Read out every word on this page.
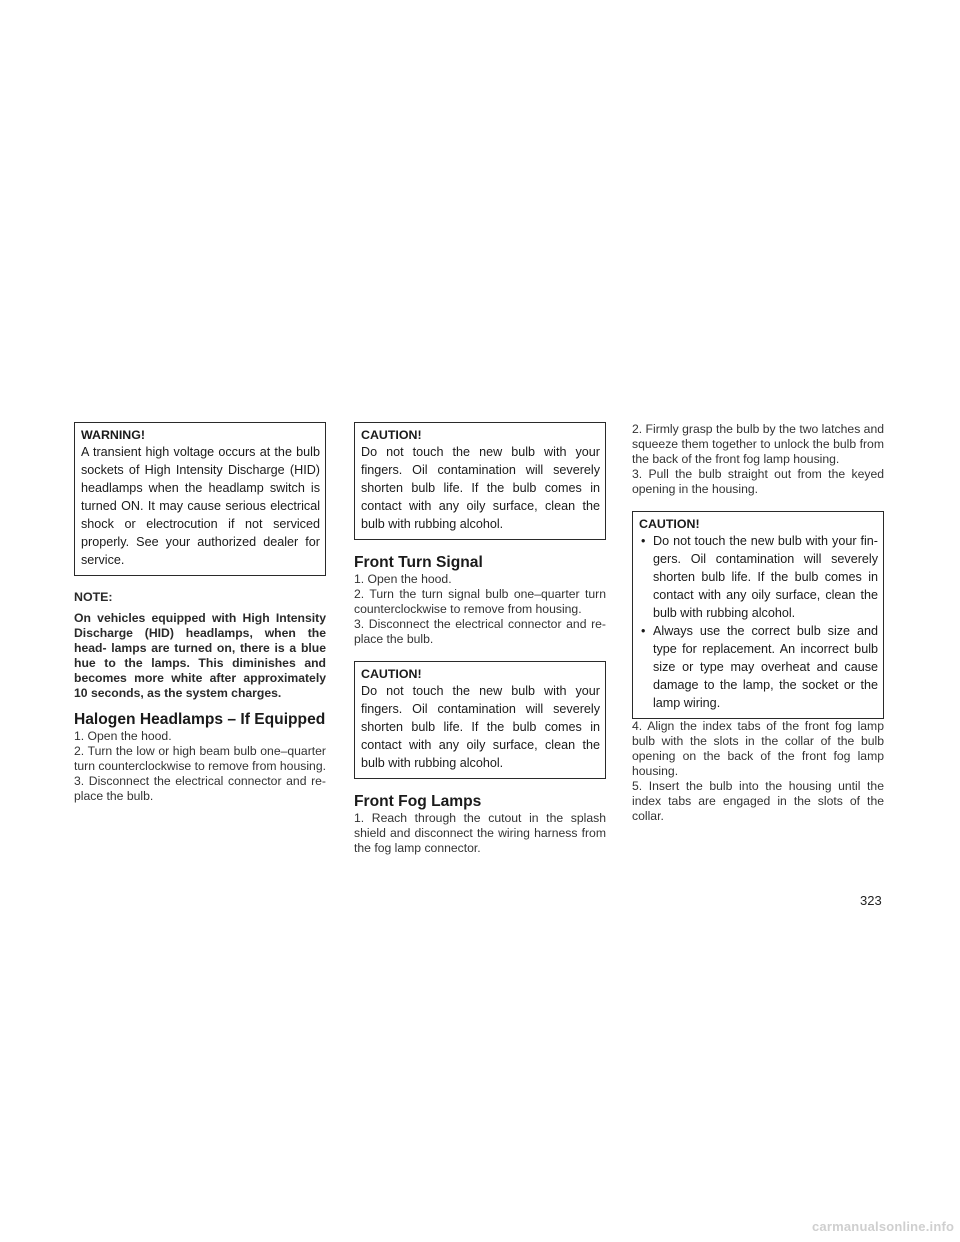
WARNING!
A transient high voltage occurs at the bulb sockets of High Intensity Discharge (HID) headlamps when the headlamp switch is turned ON. It may cause serious electrical shock or electrocution if not serviced properly. See your authorized dealer for service.
NOTE:
On vehicles equipped with High Intensity Discharge (HID) headlamps, when the head- lamps are turned on, there is a blue hue to the lamps. This diminishes and becomes more white after approximately 10 seconds, as the system charges.
Halogen Headlamps – If Equipped

1. Open the hood.

2. Turn the low or high beam bulb one–quarter turn counterclockwise to remove from housing.

3. Disconnect the electrical connector and re- place the bulb.

CAUTION!
Do not touch the new bulb with your fingers. Oil contamination will severely shorten bulb life. If the bulb comes in contact with any oily surface, clean the bulb with rubbing alcohol.
Front Turn Signal

1. Open the hood.

2. Turn the turn signal bulb one–quarter turn counterclockwise to remove from housing.

3. Disconnect the electrical connector and re- place the bulb.

CAUTION!
Do not touch the new bulb with your fingers. Oil contamination will severely shorten bulb life. If the bulb comes in contact with any oily surface, clean the bulb with rubbing alcohol.
Front Fog Lamps

1. Reach through the cutout in the splash shield and disconnect the wiring harness from the fog lamp connector.

2. Firmly grasp the bulb by the two latches and squeeze them together to unlock the bulb from the back of the front fog lamp housing.

3. Pull the bulb straight out from the keyed opening in the housing.

CAUTION!
• Do not touch the new bulb with your fin- gers. Oil contamination will severely shorten bulb life. If the bulb comes in contact with any oily surface, clean the bulb with rubbing alcohol.
• Always use the correct bulb size and type for replacement. An incorrect bulb size or type may overheat and cause damage to the lamp, the socket or the lamp wiring.

4. Align the index tabs of the front fog lamp bulb with the slots in the collar of the bulb opening on the back of the front fog lamp housing.

5. Insert the bulb into the housing until the index tabs are engaged in the slots of the collar.

323
carmanualsonline.info
